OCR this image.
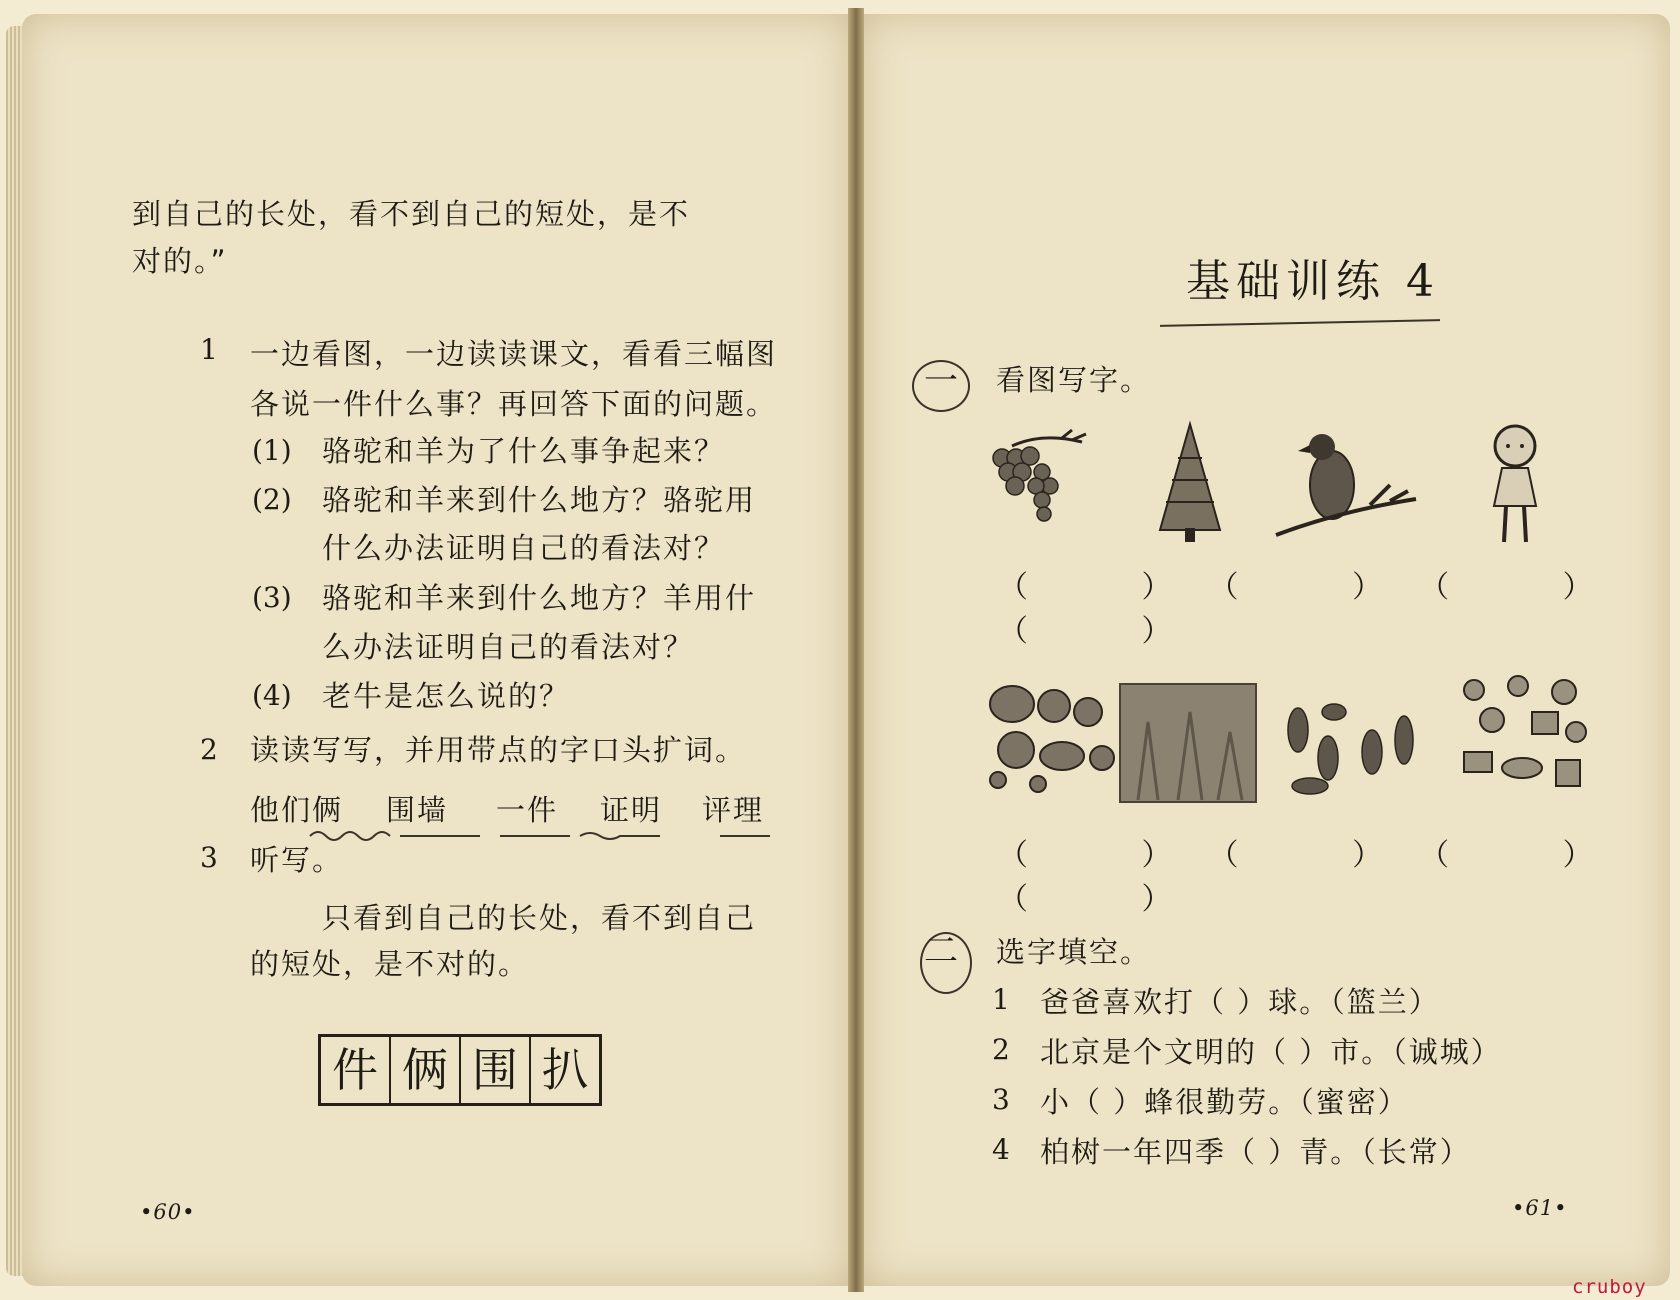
到自己的长处，看不到自己的短处，是不
对的。”
1 一边看图，一边读读课文，看看三幅图
各说一件什么事？再回答下面的问题。
(1) 骆驼和羊为了什么事争起来？
(2) 骆驼和羊来到什么地方？骆驼用
什么办法证明自己的看法对？
(3) 骆驼和羊来到什么地方？羊用什
么办法证明自己的看法对？
(4) 老牛是怎么说的？
2 读读写写，并用带点的字口头扩词。
他们俩 围墙 一件 证明 评理
3 听写。
只看到自己的长处，看不到自己
的短处，是不对的。
件 俩 围 扒
•60•
基础训练 4
一 看图写字。
（ ）（ ）（ ）（ ）
（ ）（ ）（ ）（ ）
二 选字填空。
1 爸爸喜欢打（ ）球。（篮兰）
2 北京是个文明的（ ）市。（诚城）
3 小（ ）蜂很勤劳。（蜜密）
4 柏树一年四季（ ）青。（长常）
•61•
cruboy
